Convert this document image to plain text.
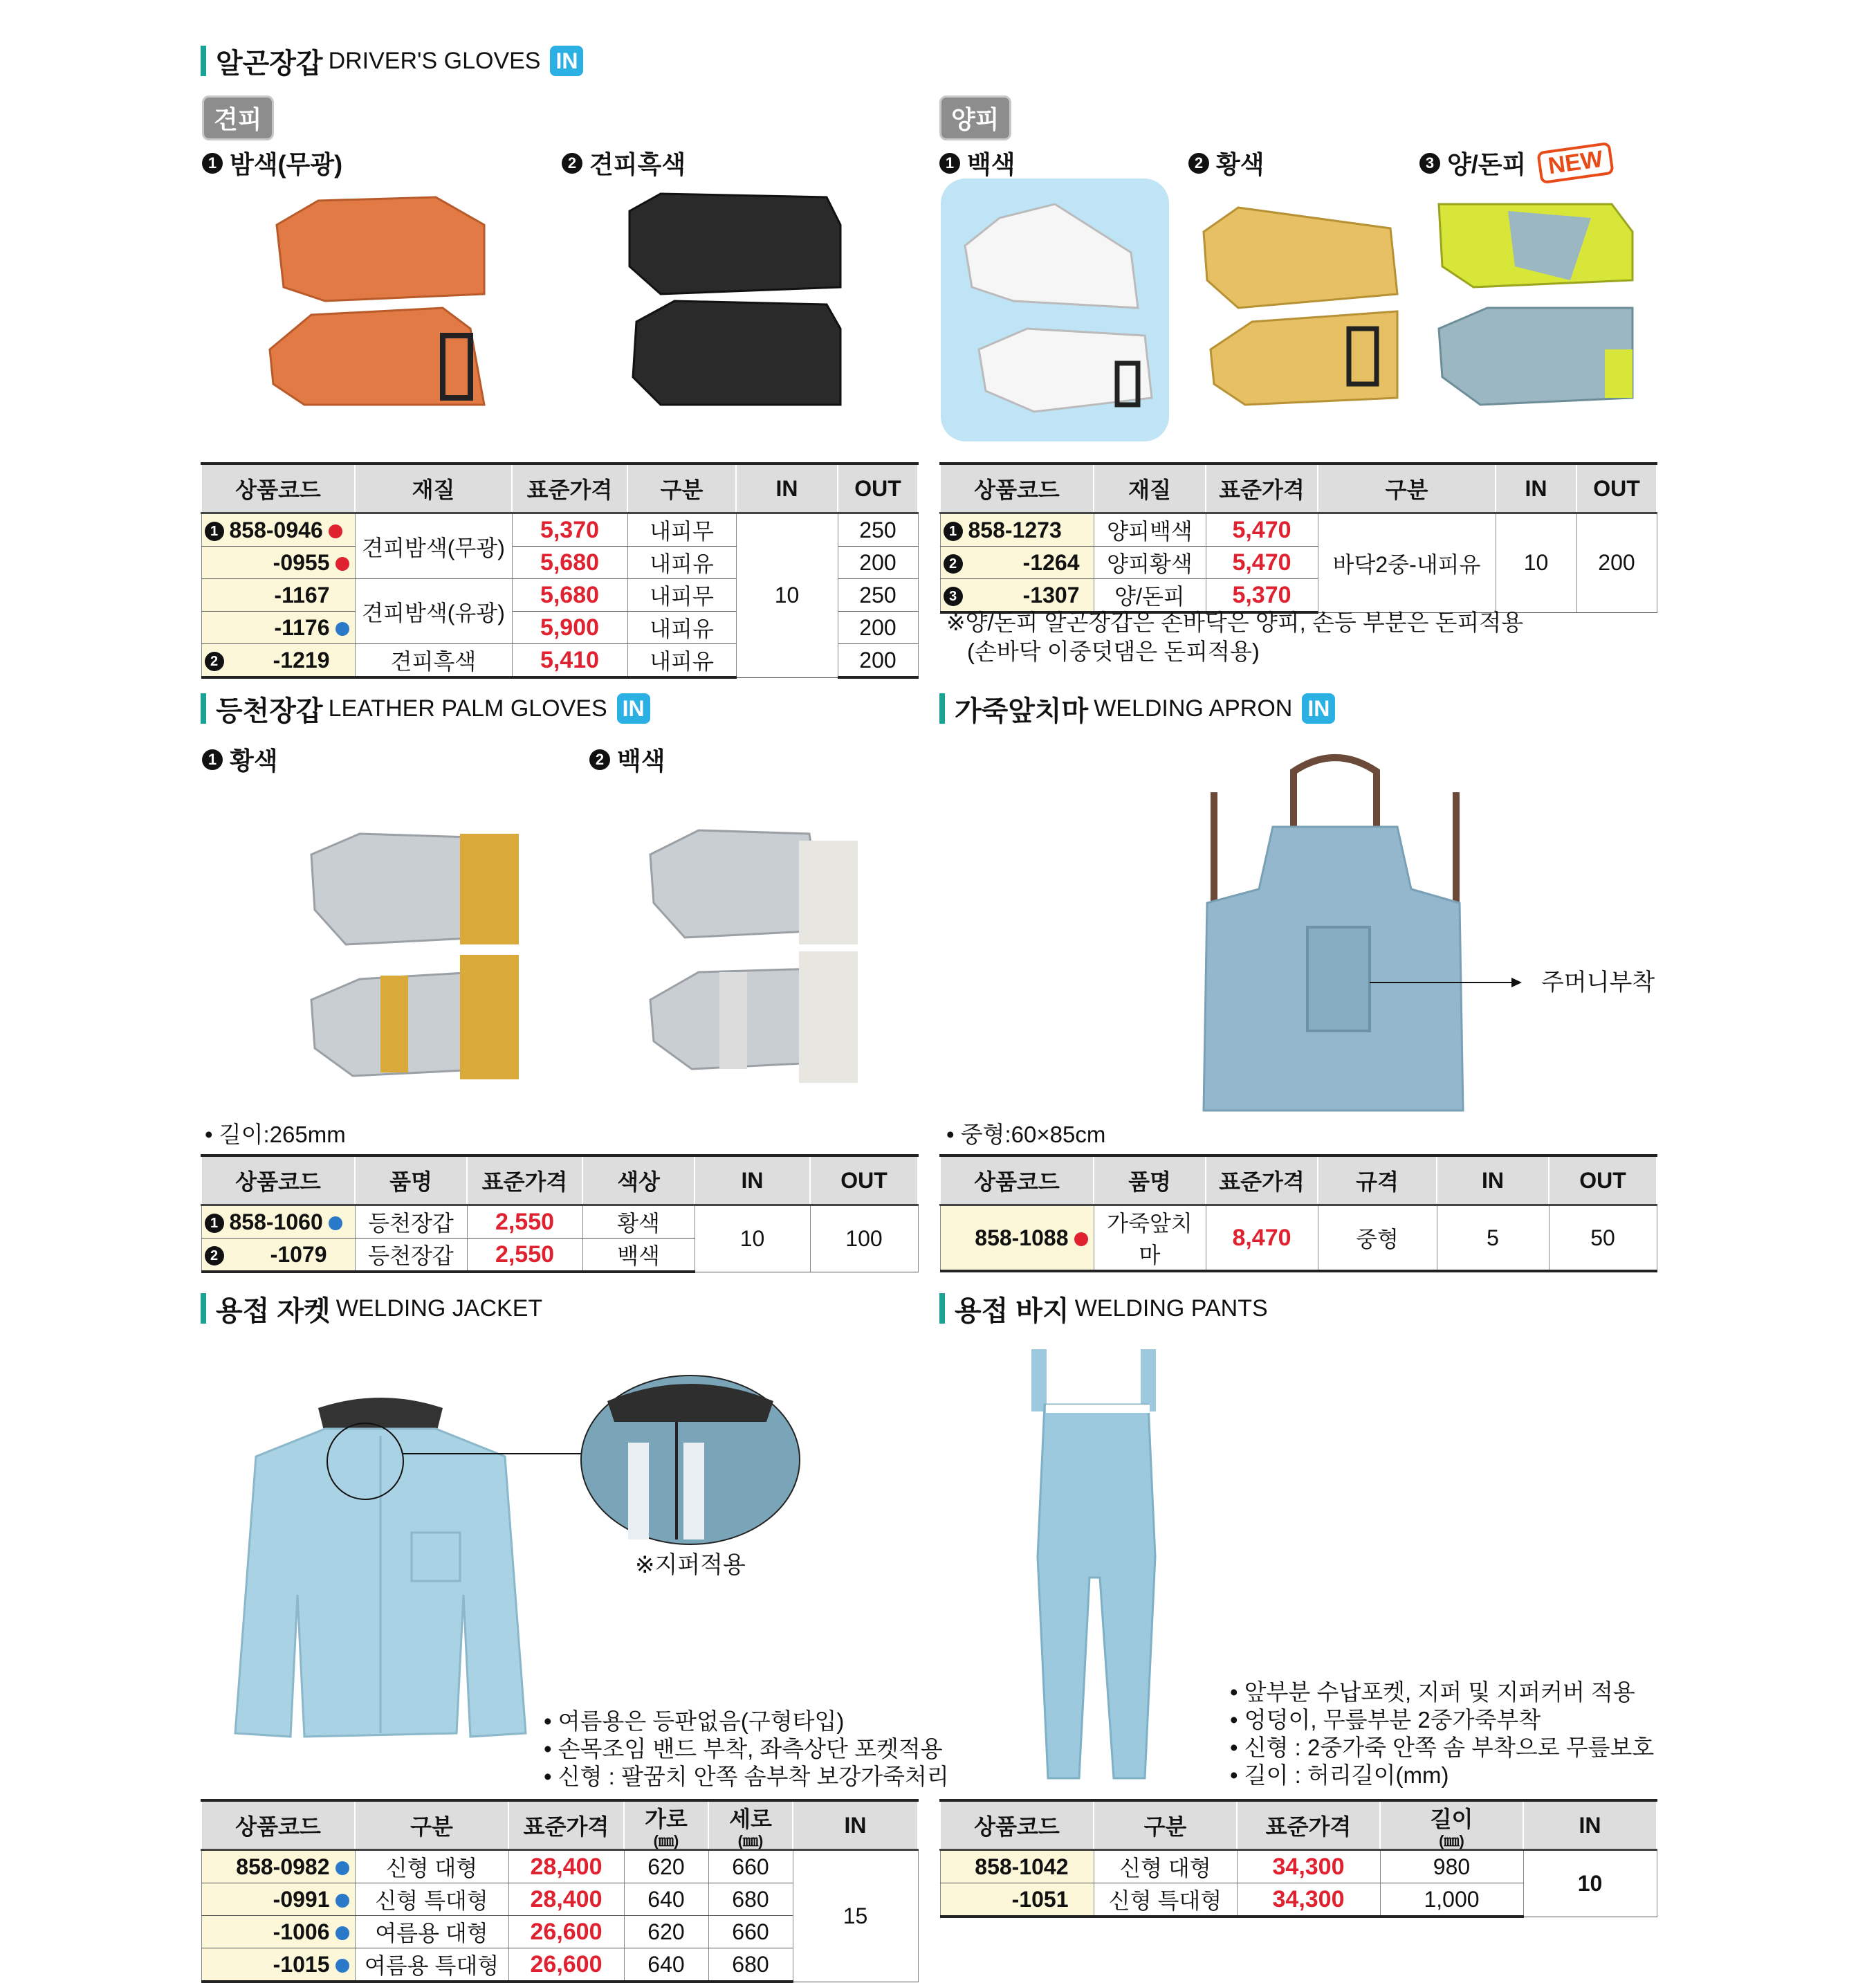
알곤장갑 DRIVER'S GLOVES IN
견피	양피
1 밤색(무광)	2 견피흑색	1 백색	2 황색	3 양/돈피 NEW
상품코드	재질	표준가격	구분	IN	OUT
1 858-0946	견피밤색(무광)	5,370	내피무	10	250
-0955		5,680	내피유		200
-1167	견피밤색(유광)	5,680	내피무		250
-1176		5,900	내피유		200
2 -1219	견피흑색	5,410	내피유		200
상품코드	재질	표준가격	구분	IN	OUT
1 858-1273	양피백색	5,470	바닥2중-내피유	10	200
2 -1264	양피황색	5,470			
3 -1307	양/돈피	5,370			
※양/돈피 알곤장갑은 손바닥은 양피, 손등 부분은 돈피적용
(손바닥 이중덧댐은 돈피적용)
등천장갑 LEATHER PALM GLOVES IN
1 황색	2 백색
• 길이:265mm
상품코드	품명	표준가격	색상	IN	OUT
1 858-1060	등천장갑	2,550	황색	10	100
2 -1079	등천장갑	2,550	백색		
가죽앞치마 WELDING APRON IN
주머니부착
• 중형:60×85cm
상품코드	품명	표준가격	규격	IN	OUT
858-1088	가죽앞치마	8,470	중형	5	50
용접 자켓 WELDING JACKET
※지퍼적용
• 여름용은 등판없음(구형타입)
• 손목조임 밴드 부착, 좌측상단 포켓적용
• 신형 : 팔꿈치 안쪽 솜부착 보강가죽처리
상품코드	구분	표준가격	가로
(㎜)	세로
(㎜)	IN
858-0982	신형 대형	28,400	620	660	15
-0991	신형 특대형	28,400	640	680	
-1006	여름용 대형	26,600	620	660	
-1015	여름용 특대형	26,600	640	680	
용접 바지 WELDING PANTS
• 앞부분 수납포켓, 지퍼 및 지퍼커버 적용
• 엉덩이, 무릎부분 2중가죽부착
• 신형 : 2중가죽 안쪽 솜 부착으로 무릎보호
• 길이 : 허리길이(mm)
상품코드	구분	표준가격	길이
(㎜)	IN
858-1042	신형 대형	34,300	980	10
-1051	신형 특대형	34,300	1,000	
